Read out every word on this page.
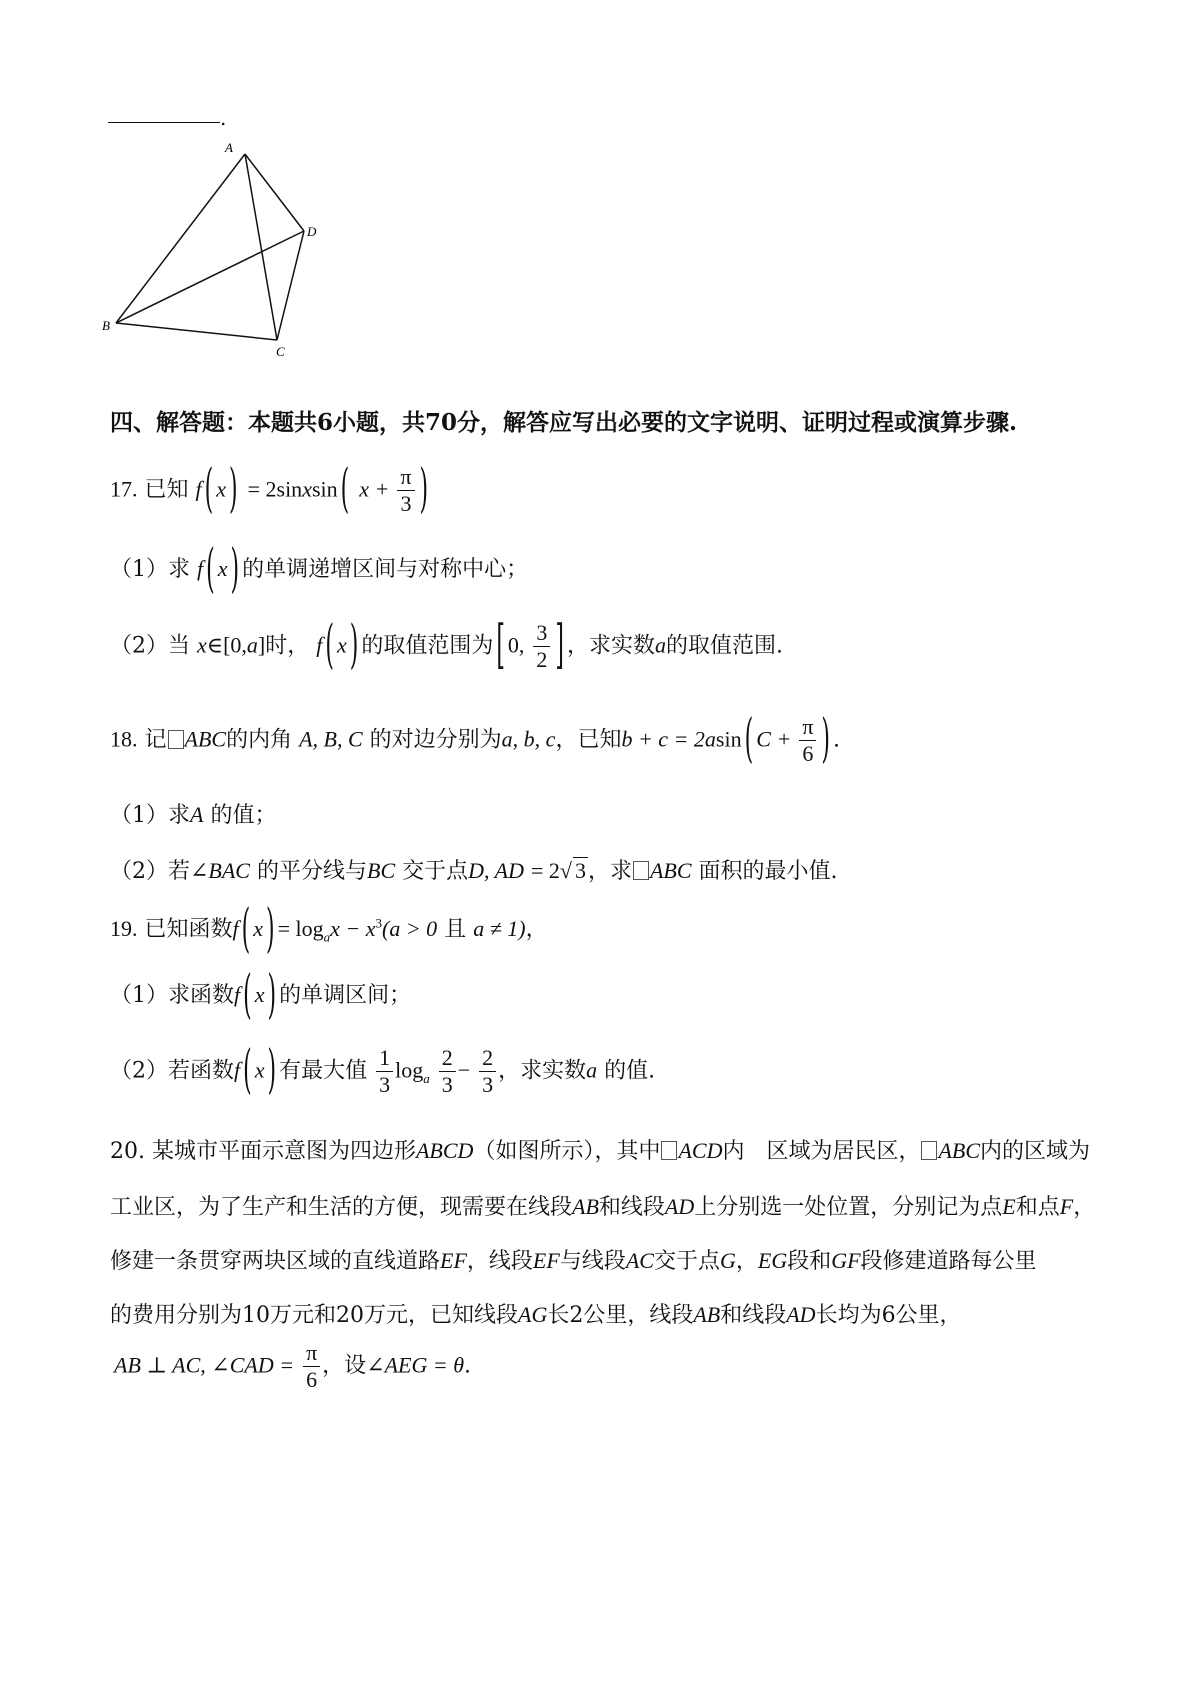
.
A
B
C
D
四、解答题：本题共6小题，共70分，解答应写出必要的文字说明、证明过程或演算步骤.
17. 已知 f ( x ) = 2sinxsin ( $x + \frac{\pi}{3}$ )
（1）求 f ( x ) 的单调递增区间与对称中心；
（2）当 x∈[0,a]时， f ( x ) 的取值范围为 [ 0, $\frac{3}{2}$ ] ，求实数a的取值范围.
18. 记 ABC的内角 A, B, C 的对边分别为a, b, c，已知b + c = 2asin ( $C + \frac{\pi}{6}$ ) .
（1）求A 的值；
（2）若∠BAC 的平分线与BC 交于点D, AD = 2√ 3，求 ABC 面积的最小值.
19. 已知函数f ( x ) = $\log_ax - x^3(a > 0$ 且 a ≠ 1)，
（1）求函数f ( x ) 的单调区间；
（2）若函数f ( x ) 有最大值 $\frac{1}{3} \log_a \frac{2}{3} - \frac{2}{3}$ ，求实数a 的值.
20. 某城市平面示意图为四边形ABCD（如图所示），其中 ACD内　区域为居民区， ABC内的区域为
工业区，为了生产和生活的方便，现需要在线段AB和线段AD上分别选一处位置，分别记为点E和点F，
修建一条贯穿两块区域的直线道路EF，线段EF与线段AC交于点G，EG段和GF段修建道路每公里
的费用分别为10万元和20万元，已知线段AG长2公里，线段AB和线段AD长均为6公里，
AB ⊥ AC, ∠CAD = $\frac{\pi}{6}$ ，设∠AEG = θ.
